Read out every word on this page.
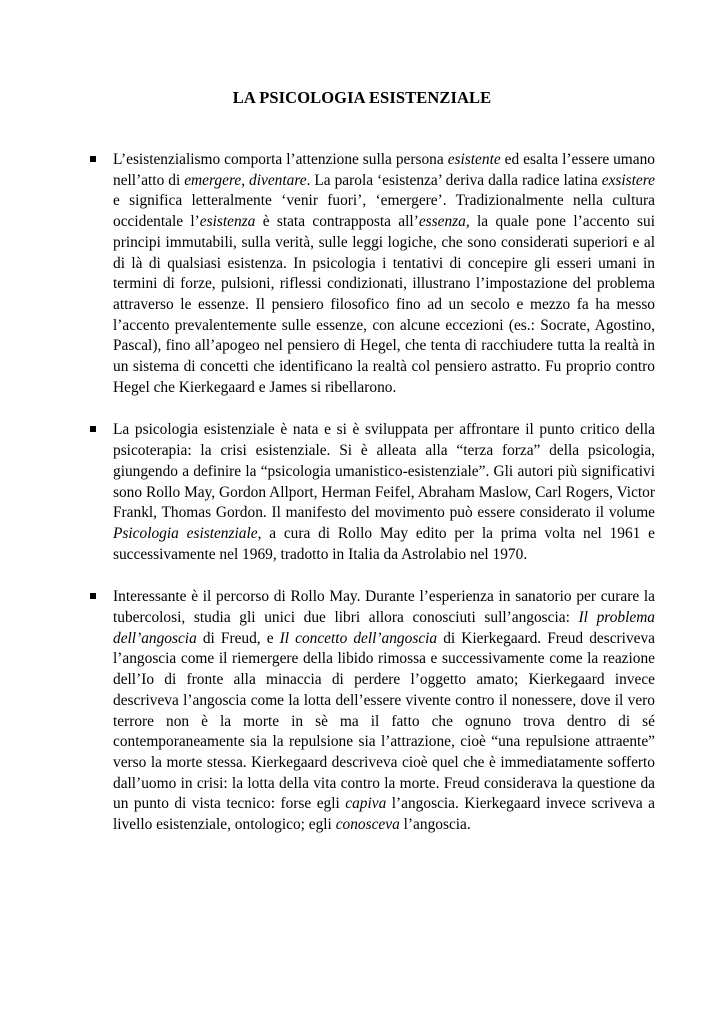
LA PSICOLOGIA ESISTENZIALE
L’esistenzialismo comporta l’attenzione sulla persona esistente ed esalta l’essere umano nell’atto di emergere, diventare. La parola ‘esistenza’ deriva dalla radice latina exsistere e significa letteralmente ‘venir fuori’, ‘emergere’. Tradizionalmente nella cultura occidentale l’esistenza è stata contrapposta all’essenza, la quale pone l’accento sui principi immutabili, sulla verità, sulle leggi logiche, che sono considerati superiori e al di là di qualsiasi esistenza. In psicologia i tentativi di concepire gli esseri umani in termini di forze, pulsioni, riflessi condizionati, illustrano l’impostazione del problema attraverso le essenze. Il pensiero filosofico fino ad un secolo e mezzo fa ha messo l’accento prevalentemente sulle essenze, con alcune eccezioni (es.: Socrate, Agostino, Pascal), fino all’apogeo nel pensiero di Hegel, che tenta di racchiudere tutta la realtà in un sistema di concetti che identificano la realtà col pensiero astratto. Fu proprio contro Hegel che Kierkegaard e James si ribellarono.
La psicologia esistenziale è nata e si è sviluppata per affrontare il punto critico della psicoterapia: la crisi esistenziale. Si è alleata alla “terza forza” della psicologia, giungendo a definire la “psicologia umanistico-esistenziale”. Gli autori più significativi sono Rollo May, Gordon Allport, Herman Feifel, Abraham Maslow, Carl Rogers, Victor Frankl, Thomas Gordon. Il manifesto del movimento può essere considerato il volume Psicologia esistenziale, a cura di Rollo May edito per la prima volta nel 1961 e successivamente nel 1969, tradotto in Italia da Astrolabio nel 1970.
Interessante è il percorso di Rollo May. Durante l’esperienza in sanatorio per curare la tubercolosi, studia gli unici due libri allora conosciuti sull’angoscia: Il problema dell’angoscia di Freud, e Il concetto dell’angoscia di Kierkegaard. Freud descriveva l’angoscia come il riemergere della libido rimossa e successivamente come la reazione dell’Io di fronte alla minaccia di perdere l’oggetto amato; Kierkegaard invece descriveva l’angoscia come la lotta dell’essere vivente contro il nonessere, dove il vero terrore non è la morte in sè ma il fatto che ognuno trova dentro di sé contemporaneamente sia la repulsione sia l’attrazione, cioè “una repulsione attraente” verso la morte stessa. Kierkegaard descriveva cioè quel che è immediatamente sofferto dall’uomo in crisi: la lotta della vita contro la morte. Freud considerava la questione da un punto di vista tecnico: forse egli capiva l’angoscia. Kierkegaard invece scriveva a livello esistenziale, ontologico; egli conosceva l’angoscia.
